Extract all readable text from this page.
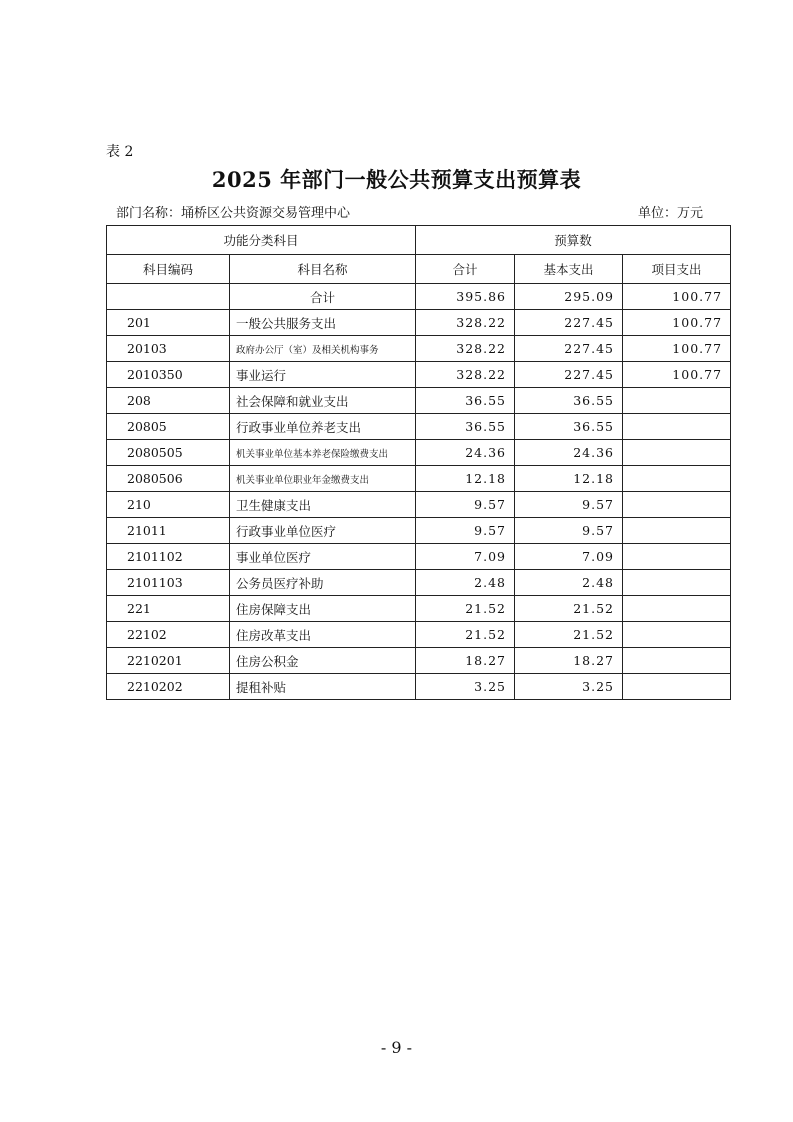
表 2
2025 年部门一般公共预算支出预算表
部门名称：埇桥区公共资源交易管理中心	单位：万元
功能分类科目		预算数		
科目编码	科目名称	合计	基本支出	项目支出
	合计	395.86	295.09	100.77
201	一般公共服务支出	328.22	227.45	100.77
20103	政府办公厅（室）及相关机构事务	328.22	227.45	100.77
2010350	事业运行	328.22	227.45	100.77
208	社会保障和就业支出	36.55	36.55	
20805	行政事业单位养老支出	36.55	36.55	
2080505	机关事业单位基本养老保险缴费支出	24.36	24.36	
2080506	机关事业单位职业年金缴费支出	12.18	12.18	
210	卫生健康支出	9.57	9.57	
21011	行政事业单位医疗	9.57	9.57	
2101102	事业单位医疗	7.09	7.09	
2101103	公务员医疗补助	2.48	2.48	
221	住房保障支出	21.52	21.52	
22102	住房改革支出	21.52	21.52	
2210201	住房公积金	18.27	18.27	
2210202	提租补贴	3.25	3.25	
- 9 -
